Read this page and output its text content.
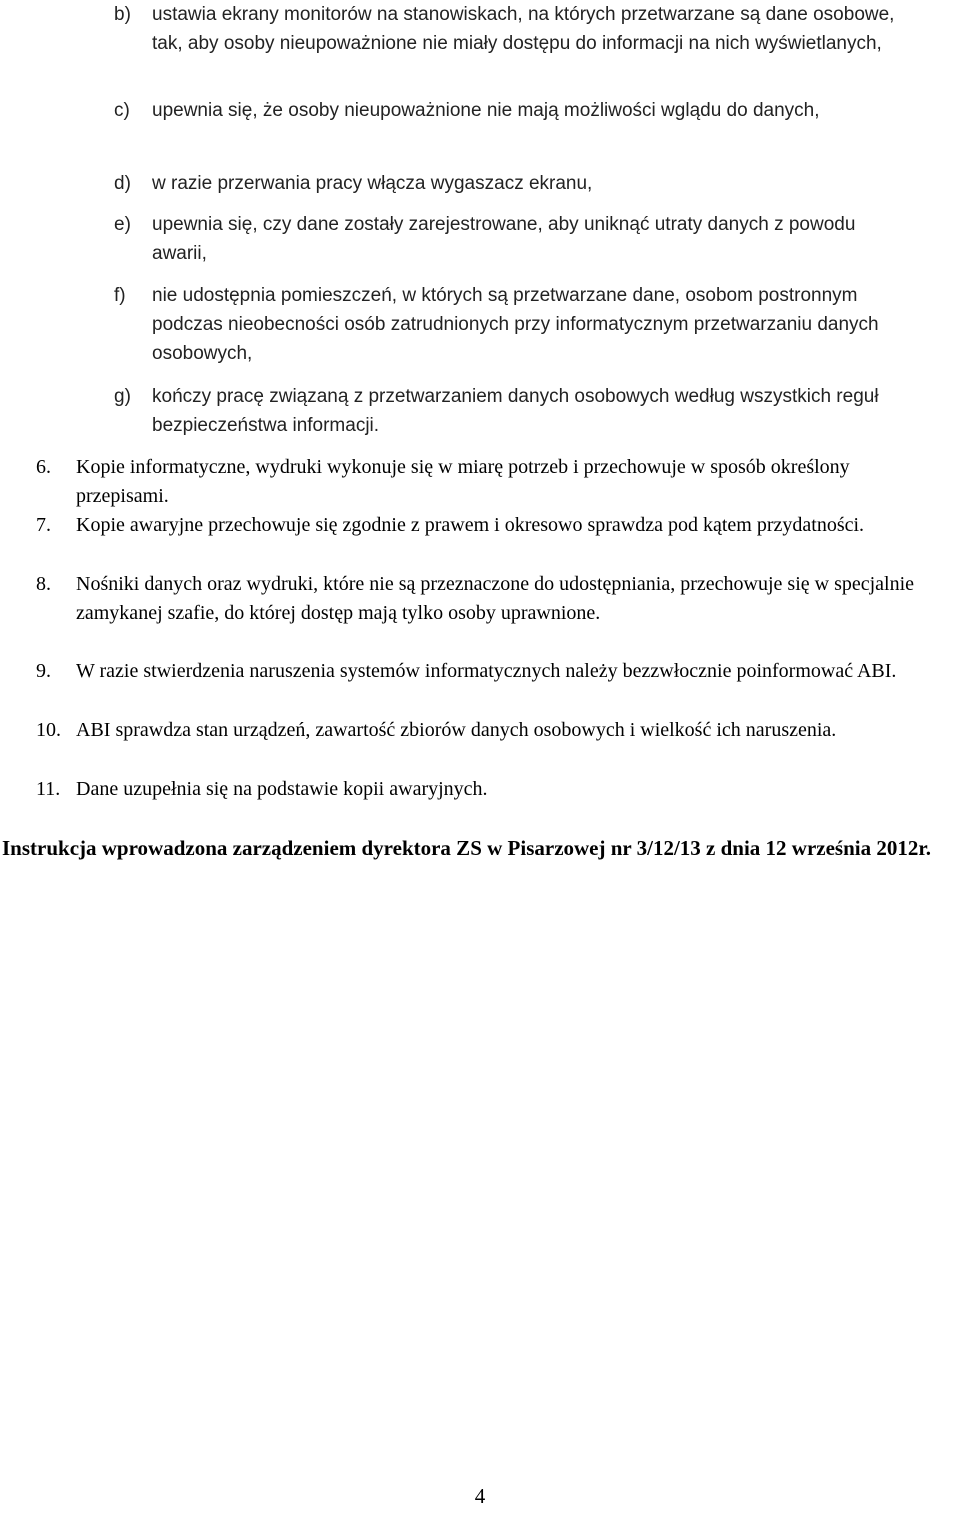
b) ustawia ekrany monitorów na stanowiskach, na których przetwarzane są dane osobowe, tak, aby osoby nieupoważnione nie miały dostępu do informacji na nich wyświetlanych,
c) upewnia się, że osoby nieupoważnione nie mają możliwości wglądu do danych,
d) w razie przerwania pracy włącza wygaszacz ekranu,
e) upewnia się, czy dane zostały zarejestrowane, aby uniknąć utraty danych z powodu awarii,
f) nie udostępnia pomieszczeń, w których są przetwarzane dane, osobom postronnym podczas nieobecności osób zatrudnionych przy informatycznym przetwarzaniu danych osobowych,
g) kończy pracę związaną z przetwarzaniem danych osobowych według wszystkich reguł bezpieczeństwa informacji.
6. Kopie informatyczne, wydruki wykonuje się w miarę potrzeb i przechowuje w sposób określony przepisami.
7. Kopie awaryjne przechowuje się zgodnie z prawem i okresowo sprawdza pod kątem przydatności.
8. Nośniki danych oraz wydruki, które nie są przeznaczone do udostępniania, przechowuje się w specjalnie zamykanej szafie, do której dostęp mają tylko osoby uprawnione.
9. W razie stwierdzenia naruszenia systemów informatycznych należy bezzwłocznie poinformować ABI.
10. ABI sprawdza stan urządzeń, zawartość zbiorów danych osobowych i wielkość ich naruszenia.
11. Dane uzupełnia się na podstawie kopii awaryjnych.
Instrukcja wprowadzona zarządzeniem dyrektora ZS w Pisarzowej nr 3/12/13 z dnia 12 września 2012r.
4
